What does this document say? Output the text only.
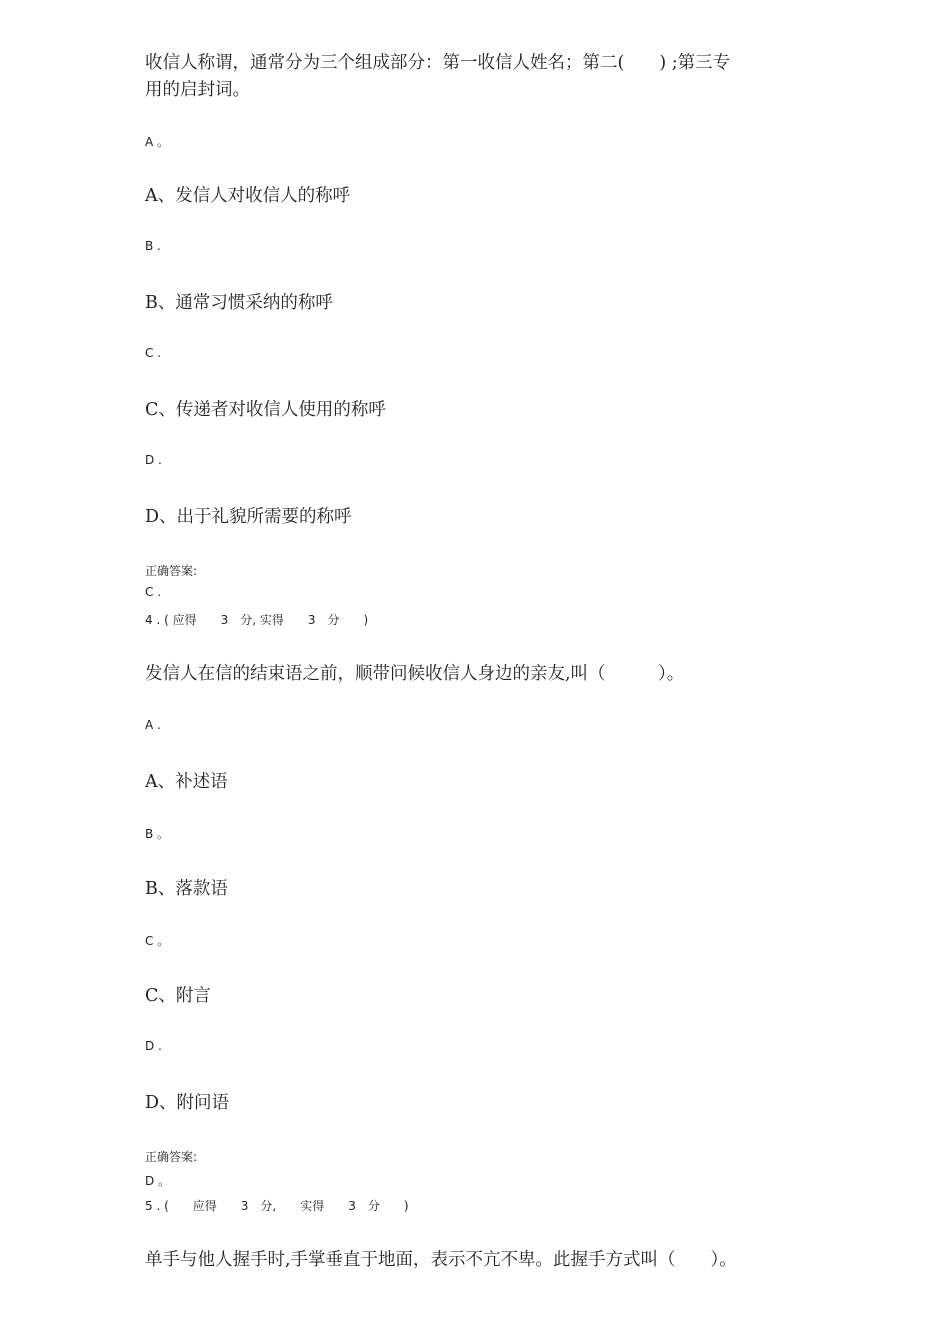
收信人称谓，通常分为三个组成部分：第一收信人姓名；第二(　　) ;第三专
用的启封词。
A 。
A、发信人对收信人的称呼
B .
B、通常习惯采纳的称呼
C .
C、传递者对收信人使用的称呼
D .
D、出于礼貌所需要的称呼
正确答案:
C .
4 . ( 应得　　3　分, 实得　　3　分　　)
发信人在信的结束语之前，顺带问候收信人身边的亲友,叫（　　　）。
A .
A、补述语
B 。
B、落款语
C 。
C、附言
D .
D、附问语
正确答案:
D 。
5 . (　　应得　　3　分,　　实得　　3　分　　)
单手与他人握手时,手掌垂直于地面，表示不亢不卑。此握手方式叫（　　）。
